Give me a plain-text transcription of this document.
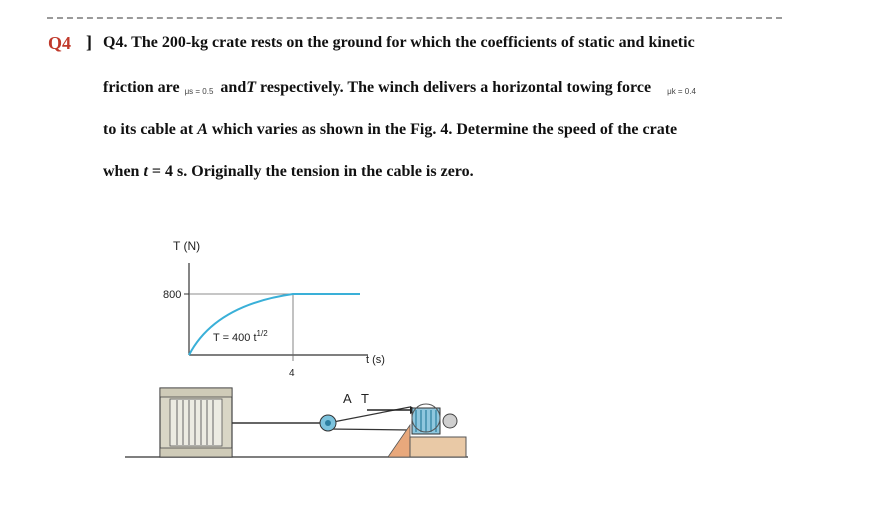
Q4 ] Q4. The 200-kg crate rests on the ground for which the coefficients of static and kinetic
friction are μs = 0.5 andT respectively. The winch delivers a horizontal towing force μk = 0.4
to its cable at A which varies as shown in the Fig. 4. Determine the speed of the crate
when t = 4 s. Originally the tension in the cable is zero.
T (N)
800
4
T = 400 $t^{1/2}$
t (s)
A T
